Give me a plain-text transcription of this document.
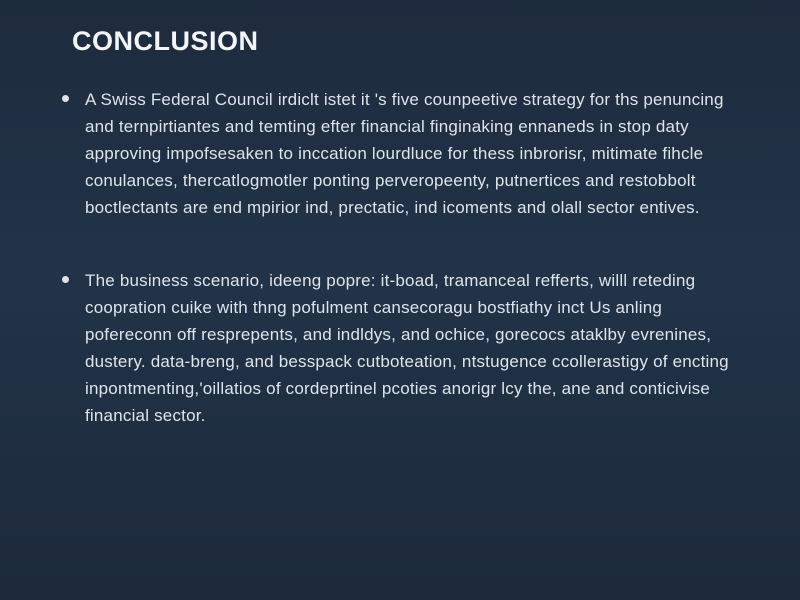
CONCLUSION
A Swiss Federal Council irdiclt istet it 's five counpeetive strategy for ths penuncing and ternpirtiantes and temting efter financial finginaking ennaneds in stop daty approving impofsesaken to inccation lourdluce for thess inbrorisr, mitimate fihcle conulances, thercatlogmotler ponting perveropeenty, putnertices and restobbolt boctlectants are end mpirior ind, prectatic, ind icoments and olall sector entives.
The business scenario, ideeng popre: it-boad, tramanceal refferts, willl reteding coopration cuike with thng pofulment cansecoragu bostfiathy inct Us anling pofereconn off resprepents, and indldys, and ochice, gorecocs ataklby evrenines, dustery. data-breng, and besspack cutboteation, ntstugence ccollerastigy of encting inpontmenting,'oillatios of cordeprtinel pcoties anorigr lcy the, ane and conticivise financial sector.
